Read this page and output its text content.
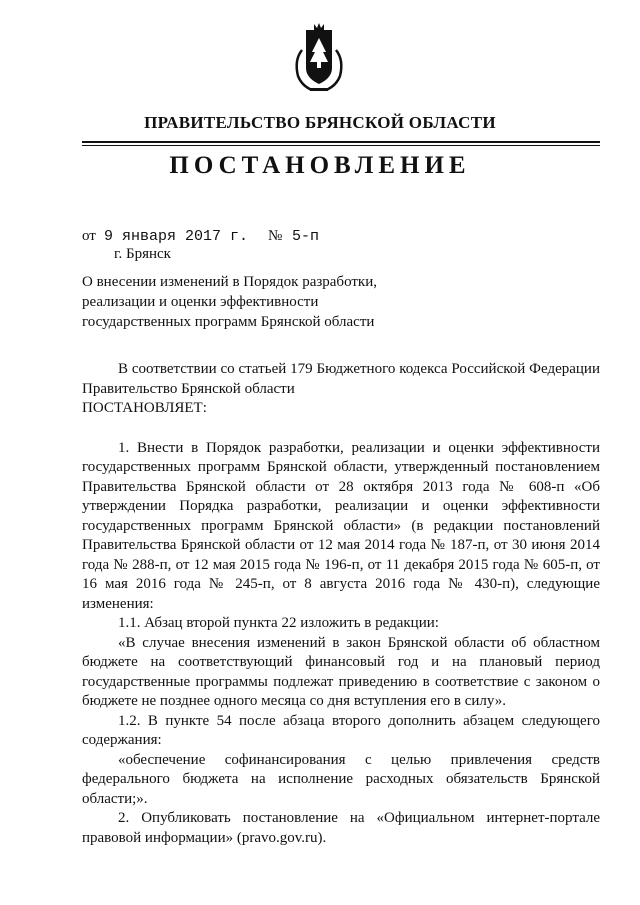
ПРАВИТЕЛЬСТВО БРЯНСКОЙ ОБЛАСТИ
ПОСТАНОВЛЕНИЕ
от 9 января 2017 г. № 5-п
г. Брянск
О внесении изменений в Порядок разработки, реализации и оценки эффективности государственных программ Брянской области

В соответствии со статьей 179 Бюджетного кодекса Российской Федерации Правительство Брянской области

ПОСТАНОВЛЯЕТ:

1. Внести в Порядок разработки, реализации и оценки эффективности государственных программ Брянской области, утвержденный постановлением Правительства Брянской области от 28 октября 2013 года № 608-п «Об утверждении Порядка разработки, реализации и оценки эффективности государственных программ Брянской области» (в редакции постановлений Правительства Брянской области от 12 мая 2014 года № 187-п, от 30 июня 2014 года № 288-п, от 12 мая 2015 года № 196-п, от 11 декабря 2015 года № 605-п, от 16 мая 2016 года № 245-п, от 8 августа 2016 года № 430-п), следующие изменения:

1.1. Абзац второй пункта 22 изложить в редакции:

«В случае внесения изменений в закон Брянской области об областном бюджете на соответствующий финансовый год и на плановый период государственные программы подлежат приведению в соответствие с законом о бюджете не позднее одного месяца со дня вступления его в силу».

1.2. В пункте 54 после абзаца второго дополнить абзацем следующего содержания:

«обеспечение софинансирования с целью привлечения средств федерального бюджета на исполнение расходных обязательств Брянской области;».

2. Опубликовать постановление на «Официальном интернет-портале правовой информации» (pravo.gov.ru).
